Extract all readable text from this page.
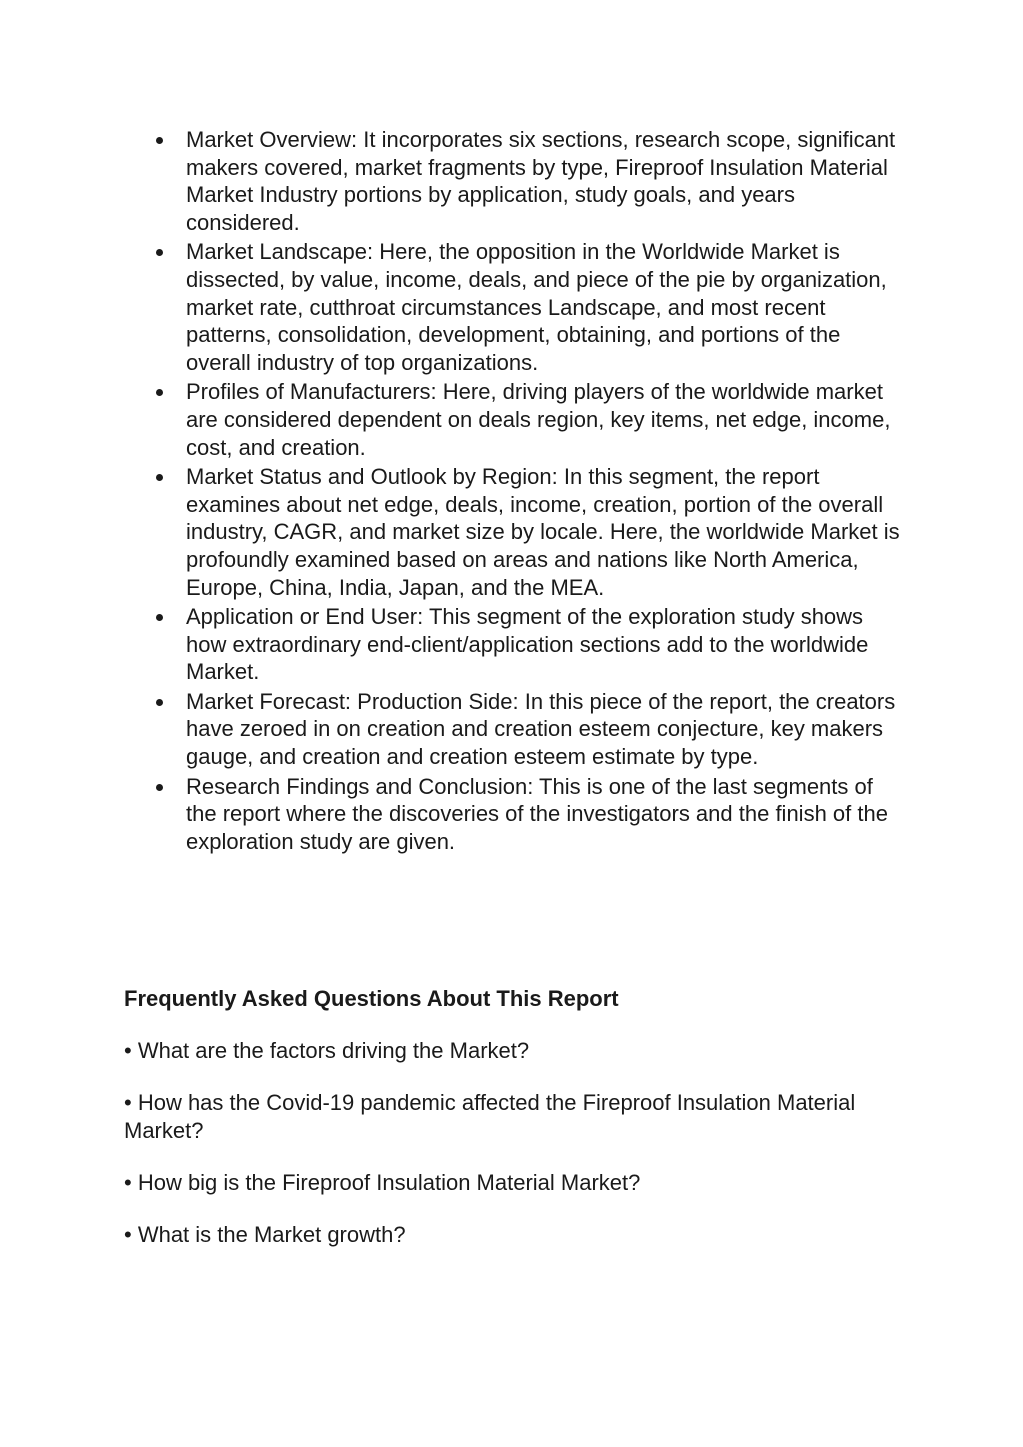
Market Overview: It incorporates six sections, research scope, significant makers covered, market fragments by type, Fireproof Insulation Material Market Industry portions by application, study goals, and years considered.
Market Landscape: Here, the opposition in the Worldwide Market is dissected, by value, income, deals, and piece of the pie by organization, market rate, cutthroat circumstances Landscape, and most recent patterns, consolidation, development, obtaining, and portions of the overall industry of top organizations.
Profiles of Manufacturers: Here, driving players of the worldwide market are considered dependent on deals region, key items, net edge, income, cost, and creation.
Market Status and Outlook by Region: In this segment, the report examines about net edge, deals, income, creation, portion of the overall industry, CAGR, and market size by locale. Here, the worldwide Market is profoundly examined based on areas and nations like North America, Europe, China, India, Japan, and the MEA.
Application or End User: This segment of the exploration study shows how extraordinary end-client/application sections add to the worldwide Market.
Market Forecast: Production Side: In this piece of the report, the creators have zeroed in on creation and creation esteem conjecture, key makers gauge, and creation and creation esteem estimate by type.
Research Findings and Conclusion: This is one of the last segments of the report where the discoveries of the investigators and the finish of the exploration study are given.
Frequently Asked Questions About This Report
• What are the factors driving the Market?
• How has the Covid-19 pandemic affected the Fireproof Insulation Material Market?
• How big is the Fireproof Insulation Material Market?
• What is the Market growth?
